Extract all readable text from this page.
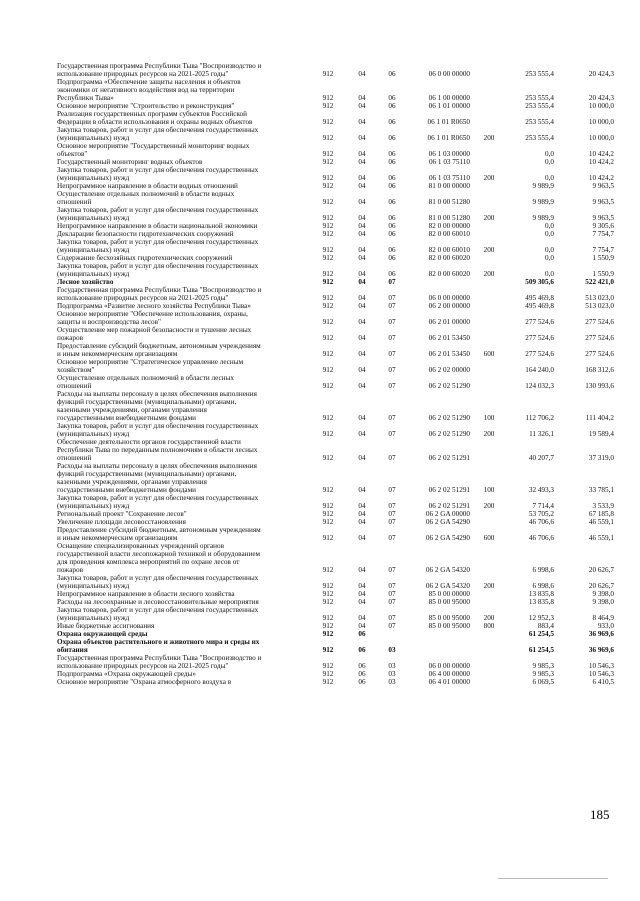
Государственная программа Республики Тыва "Воспроизводство и
использование природных ресурсов на 2021-2025 годы"	912	04	06	06 0 00 00000	253 555,4	20 424,3
Подпрограмма «Обеспечение защиты населения и объектов
экономики от негативного воздействия вод на территории
Республики Тыва»	912	04	06	06 1 00 00000	253 555,4	20 424,3
Основное мероприятие "Строительство и реконструкция"	912	04	06	06 1 01 00000	253 555,4	10 000,0
Реализация государственных программ субъектов Российской
Федерации в области использования и охраны водных объектов	912	04	06	06 1 01 R0650	253 555,4	10 000,0
Закупка товаров, работ и услуг для обеспечения государственных
(муниципальных) нужд	912	04	06	06 1 01 R0650	200	253 555,4	10 000,0
Основное мероприятие "Государственный мониторинг водных
объектов"	912	04	06	06 1 03 00000	0,0	10 424,2
Государственный мониторинг водных объектов	912	04	06	06 1 03 75110	0,0	10 424,2
Закупка товаров, работ и услуг для обеспечения государственных
(муниципальных) нужд	912	04	06	06 1 03 75110	200	0,0	10 424,2
Непрограммное направление в области водных отношений	912	04	06	81 0 00 00000	9 989,9	9 963,5
Осуществление отдельных полномочий в области водных
отношений	912	04	06	81 0 00 51280	9 989,9	9 963,5
Закупка товаров, работ и услуг для обеспечения государственных
(муниципальных) нужд	912	04	06	81 0 00 51280	200	9 989,9	9 963,5
Непрограммное направление в области национальной экономики	912	04	06	82 0 00 00000	0,0	9 305,6
Декларации безопасности гидротехнических сооружений	912	04	06	82 0 00 60010	0,0	7 754,7
Закупка товаров, работ и услуг для обеспечения государственных
(муниципальных) нужд	912	04	06	82 0 00 60010	200	0,0	7 754,7
Содержание бесхозяйных гидротехнических сооружений	912	04	06	82 0 00 60020	0,0	1 550,9
Закупка товаров, работ и услуг для обеспечения государственных
(муниципальных) нужд	912	04	06	82 0 00 60020	200	0,0	1 550,9
Лесное хозяйство	912	04	07	509 305,6	522 421,0
Государственная программа Республики Тыва "Воспроизводство и
использование природных ресурсов на 2021-2025 годы"	912	04	07	06 0 00 00000	495 469,8	513 023,0
Подпрограмма «Развитие лесного хозяйства Республики Тыва»	912	04	07	06 2 00 00000	495 469,8	513 023,0
Основное мероприятие "Обеспечение использования, охраны,
защиты и воспроизводства лесов"	912	04	07	06 2 01 00000	277 524,6	277 524,6
Осуществление мер пожарной безопасности и тушение лесных
пожаров	912	04	07	06 2 01 53450	277 524,6	277 524,6
Предоставление субсидий бюджетным, автономным учреждениям
и иным некоммерческим организациям	912	04	07	06 2 01 53450	600	277 524,6	277 524,6
Основное мероприятие "Стратегическое управление лесным
хозяйством"	912	04	07	06 2 02 00000	164 240,0	168 312,6
Осуществление отдельных полномочий в области лесных
отношений	912	04	07	06 2 02 51290	124 032,3	130 993,6
Расходы на выплаты персоналу в целях обеспечения выполнения
функций государственными (муниципальными) органами,
казенными учреждениями, органами управления
государственными внебюджетными фондами	912	04	07	06 2 02 51290	100	112 706,2	111 404,2
Закупка товаров, работ и услуг для обеспечения государственных
(муниципальных) нужд	912	04	07	06 2 02 51290	200	11 326,1	19 589,4
Обеспечение деятельности органов государственной власти
Республики Тыва по переданным полномочиям в области лесных
отношений	912	04	07	06 2 02 51291	40 207,7	37 319,0
Расходы на выплаты персоналу в целях обеспечения выполнения
функций государственными (муниципальными) органами,
казенными учреждениями, органами управления
государственными внебюджетными фондами	912	04	07	06 2 02 51291	100	32 493,3	33 785,1
Закупка товаров, работ и услуг для обеспечения государственных
(муниципальных) нужд	912	04	07	06 2 02 51291	200	7 714,4	3 533,9
Региональный проект "Сохранение лесов"	912	04	07	06 2 GA 00000	53 705,2	67 185,8
Увеличение площади лесовосстановления	912	04	07	06 2 GA 54290	46 706,6	46 559,1
Предоставление субсидий бюджетным, автономным учреждениям
и иным некоммерческим организациям	912	04	07	06 2 GA 54290	600	46 706,6	46 559,1
Оснащение специализированных учреждений органов
государственной власти лесопожарной техникой и оборудованием
для проведения комплекса мероприятий по охране лесов от
пожаров	912	04	07	06 2 GA 54320	6 998,6	20 626,7
Закупка товаров, работ и услуг для обеспечения государственных
(муниципальных) нужд	912	04	07	06 2 GA 54320	200	6 998,6	20 626,7
Непрограммное направление в области лесного хозяйства	912	04	07	85 0 00 00000	13 835,8	9 398,0
Расходы на лесоохранные и лесовосстановительные мероприятия	912	04	07	85 0 00 95000	13 835,8	9 398,0
Закупка товаров, работ и услуг для обеспечения государственных
(муниципальных) нужд	912	04	07	85 0 00 95000	200	12 952,3	8 464,9
Иные бюджетные ассигнования	912	04	07	85 0 00 95000	800	883,4	933,0
Охрана окружающей среды	912	06	61 254,5	36 969,6
Охрана объектов растительного и животного мира и среды их
обитания	912	06	03	61 254,5	36 969,6
Государственная программа Республики Тыва "Воспроизводство и
использование природных ресурсов на 2021-2025 годы"	912	06	03	06 0 00 00000	9 985,3	10 546,3
Подпрограмма «Охрана окружающей среды»	912	06	03	06 4 00 00000	9 985,3	10 546,3
Основное мероприятие "Охрана атмосферного воздуха в	912	06	03	06 4 01 00000	6 069,5	6 410,5
185
